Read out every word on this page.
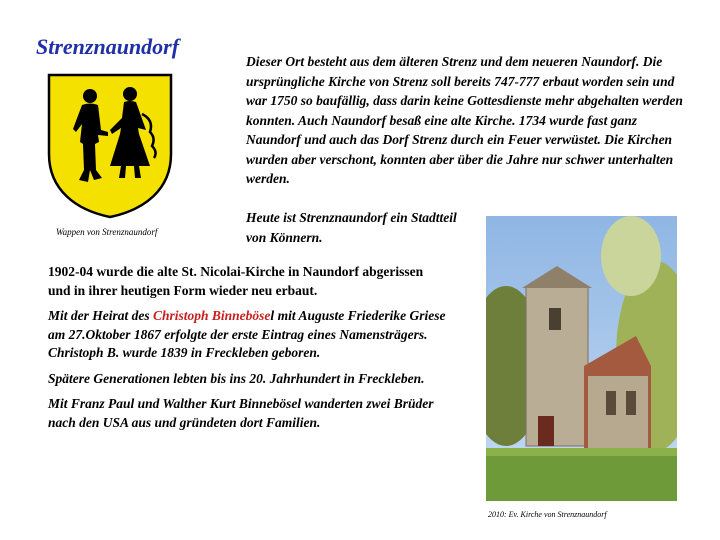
Strenznaundorf
Wappen von Strenznaundorf
Dieser Ort besteht aus dem älteren Strenz und dem neueren Naundorf. Die ursprüngliche Kirche von Strenz soll bereits 747-777 erbaut worden sein und war 1750 so baufällig, dass darin keine Gottesdienste mehr abgehalten werden konnten. Auch Naundorf besaß eine alte Kirche. 1734 wurde fast ganz Naundorf und auch das Dorf Strenz durch ein Feuer verwüstet. Die Kirchen wurden aber verschont, konnten aber über die Jahre nur schwer unterhalten werden.
Heute ist Strenznaundorf ein Stadtteil von Könnern.

1902-04 wurde die alte St. Nicolai-Kirche in Naundorf abgerissen und in ihrer heutigen Form wieder neu erbaut.

Mit der Heirat des Christoph Binnebösel mit Auguste Friederike Griese am 27.Oktober 1867 erfolgte der erste Eintrag eines Namensträgers. Christoph B. wurde 1839 in Freckleben geboren.

Spätere Generationen lebten bis ins 20. Jahrhundert in Freckleben.

Mit Franz Paul und Walther Kurt Binnebösel wanderten zwei Brüder nach den USA aus und gründeten dort Familien.

2010: Ev. Kirche von Strenznaundorf
